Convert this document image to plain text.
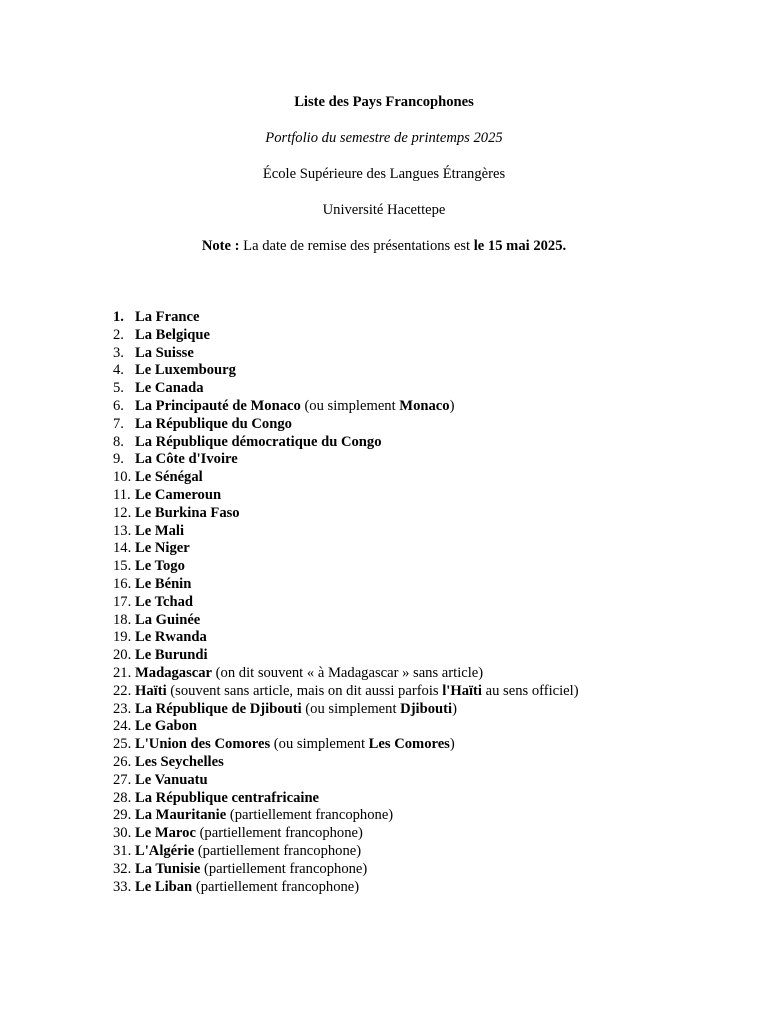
Liste des Pays Francophones

Portfolio du semestre de printemps 2025

École Supérieure des Langues Étrangères

Université Hacettepe

Note : La date de remise des présentations est le 15 mai 2025.

1. La France
2. La Belgique
3. La Suisse
4. Le Luxembourg
5. Le Canada
6. La Principauté de Monaco (ou simplement Monaco)
7. La République du Congo
8. La République démocratique du Congo
9. La Côte d'Ivoire
10. Le Sénégal
11. Le Cameroun
12. Le Burkina Faso
13. Le Mali
14. Le Niger
15. Le Togo
16. Le Bénin
17. Le Tchad
18. La Guinée
19. Le Rwanda
20. Le Burundi
21. Madagascar (on dit souvent « à Madagascar » sans article)
22. Haïti (souvent sans article, mais on dit aussi parfois l'Haïti au sens officiel)
23. La République de Djibouti (ou simplement Djibouti)
24. Le Gabon
25. L'Union des Comores (ou simplement Les Comores)
26. Les Seychelles
27. Le Vanuatu
28. La République centrafricaine
29. La Mauritanie (partiellement francophone)
30. Le Maroc (partiellement francophone)
31. L'Algérie (partiellement francophone)
32. La Tunisie (partiellement francophone)
33. Le Liban (partiellement francophone)
